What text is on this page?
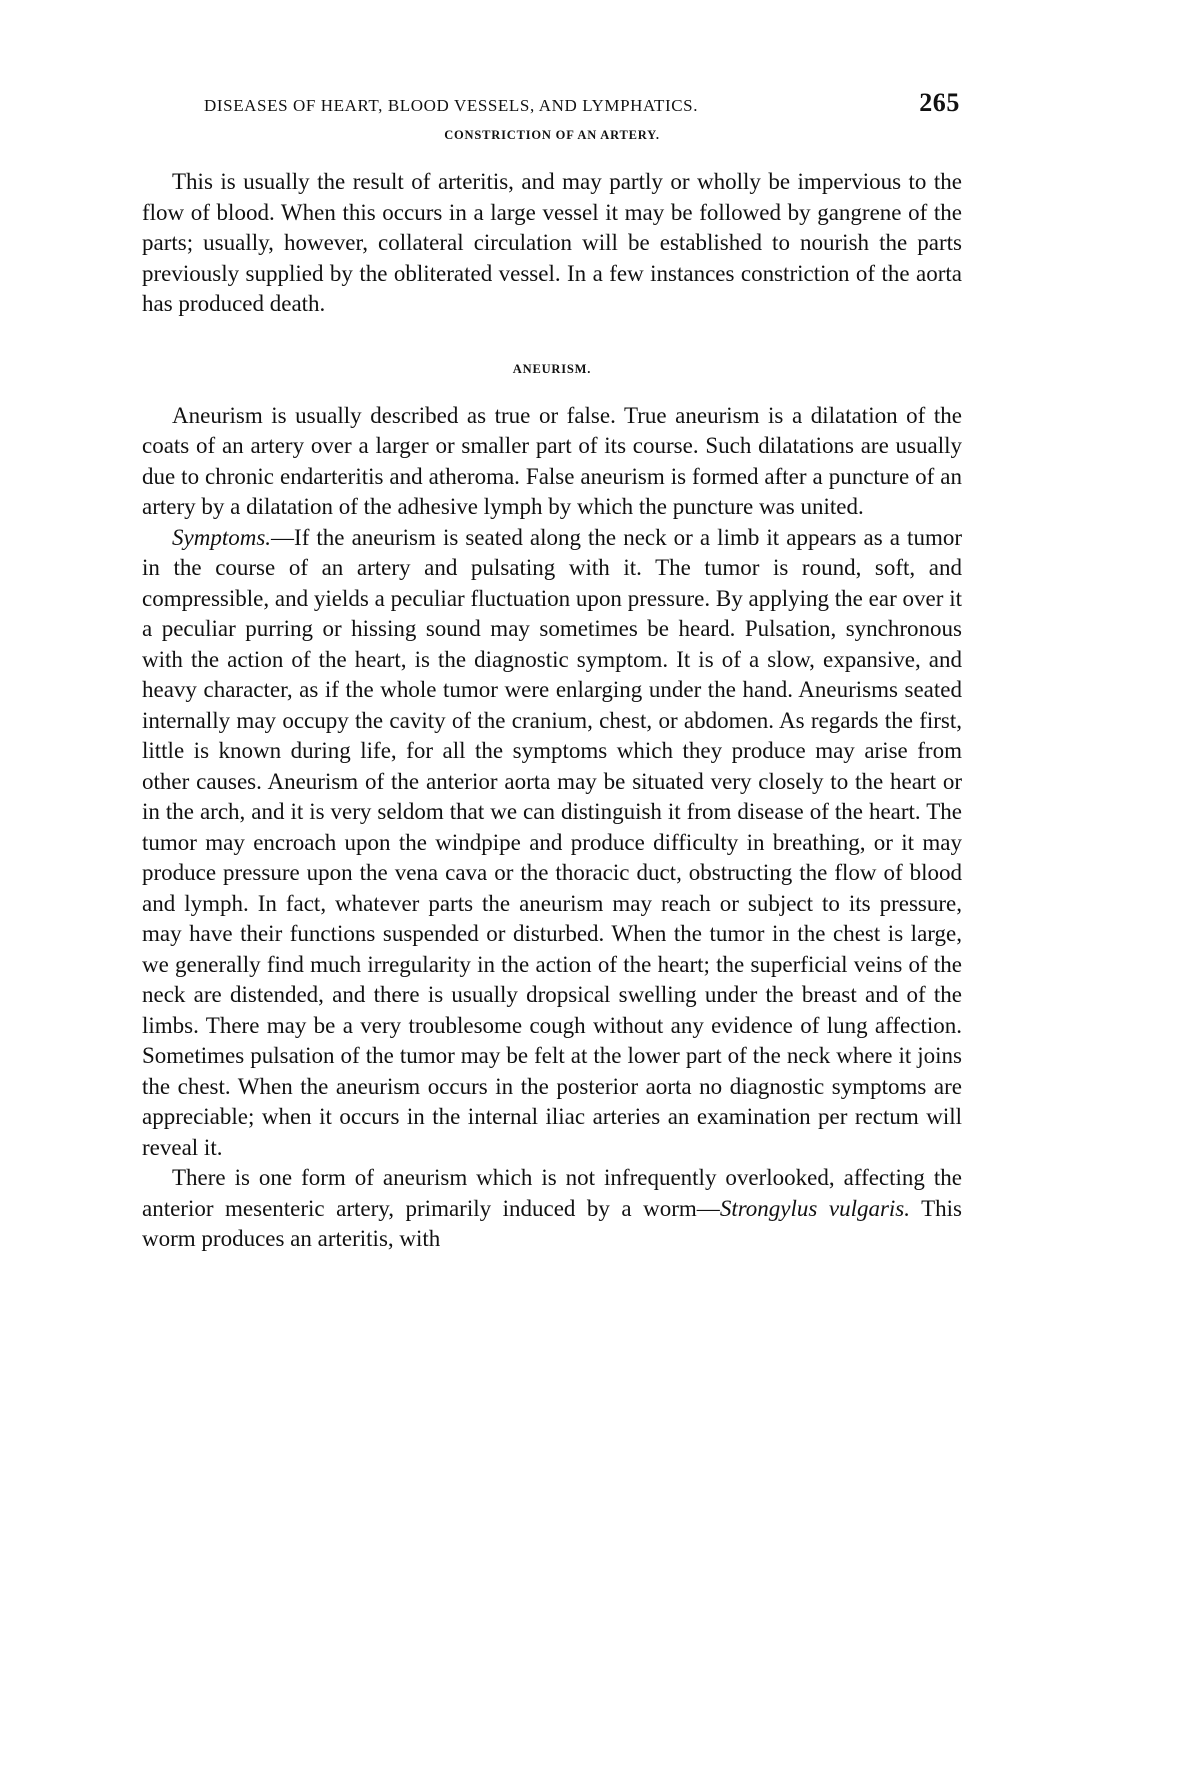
DISEASES OF HEART, BLOOD VESSELS, AND LYMPHATICS.	265
CONSTRICTION OF AN ARTERY.

This is usually the result of arteritis, and may partly or wholly be impervious to the flow of blood. When this occurs in a large vessel it may be followed by gangrene of the parts; usually, however, collateral circulation will be established to nourish the parts previously supplied by the obliterated vessel. In a few instances constriction of the aorta has produced death.

ANEURISM.

Aneurism is usually described as true or false. True aneurism is a dilatation of the coats of an artery over a larger or smaller part of its course. Such dilatations are usually due to chronic endarteritis and atheroma. False aneurism is formed after a puncture of an artery by a dilatation of the adhesive lymph by which the puncture was united.

Symptoms.—If the aneurism is seated along the neck or a limb it appears as a tumor in the course of an artery and pulsating with it. The tumor is round, soft, and compressible, and yields a peculiar fluctuation upon pressure. By applying the ear over it a peculiar purring or hissing sound may sometimes be heard. Pulsation, synchronous with the action of the heart, is the diagnostic symptom. It is of a slow, expansive, and heavy character, as if the whole tumor were enlarging under the hand. Aneurisms seated internally may occupy the cavity of the cranium, chest, or abdomen. As regards the first, little is known during life, for all the symptoms which they produce may arise from other causes. Aneurism of the anterior aorta may be situated very closely to the heart or in the arch, and it is very seldom that we can distinguish it from disease of the heart. The tumor may encroach upon the windpipe and produce difficulty in breathing, or it may produce pressure upon the vena cava or the thoracic duct, obstructing the flow of blood and lymph. In fact, whatever parts the aneurism may reach or subject to its pressure, may have their functions suspended or disturbed. When the tumor in the chest is large, we generally find much irregularity in the action of the heart; the superficial veins of the neck are distended, and there is usually dropsical swelling under the breast and of the limbs. There may be a very troublesome cough without any evidence of lung affection. Sometimes pulsation of the tumor may be felt at the lower part of the neck where it joins the chest. When the aneurism occurs in the posterior aorta no diagnostic symptoms are appreciable; when it occurs in the internal iliac arteries an examination per rectum will reveal it.

There is one form of aneurism which is not infrequently overlooked, affecting the anterior mesenteric artery, primarily induced by a worm—Strongylus vulgaris. This worm produces an arteritis, with
